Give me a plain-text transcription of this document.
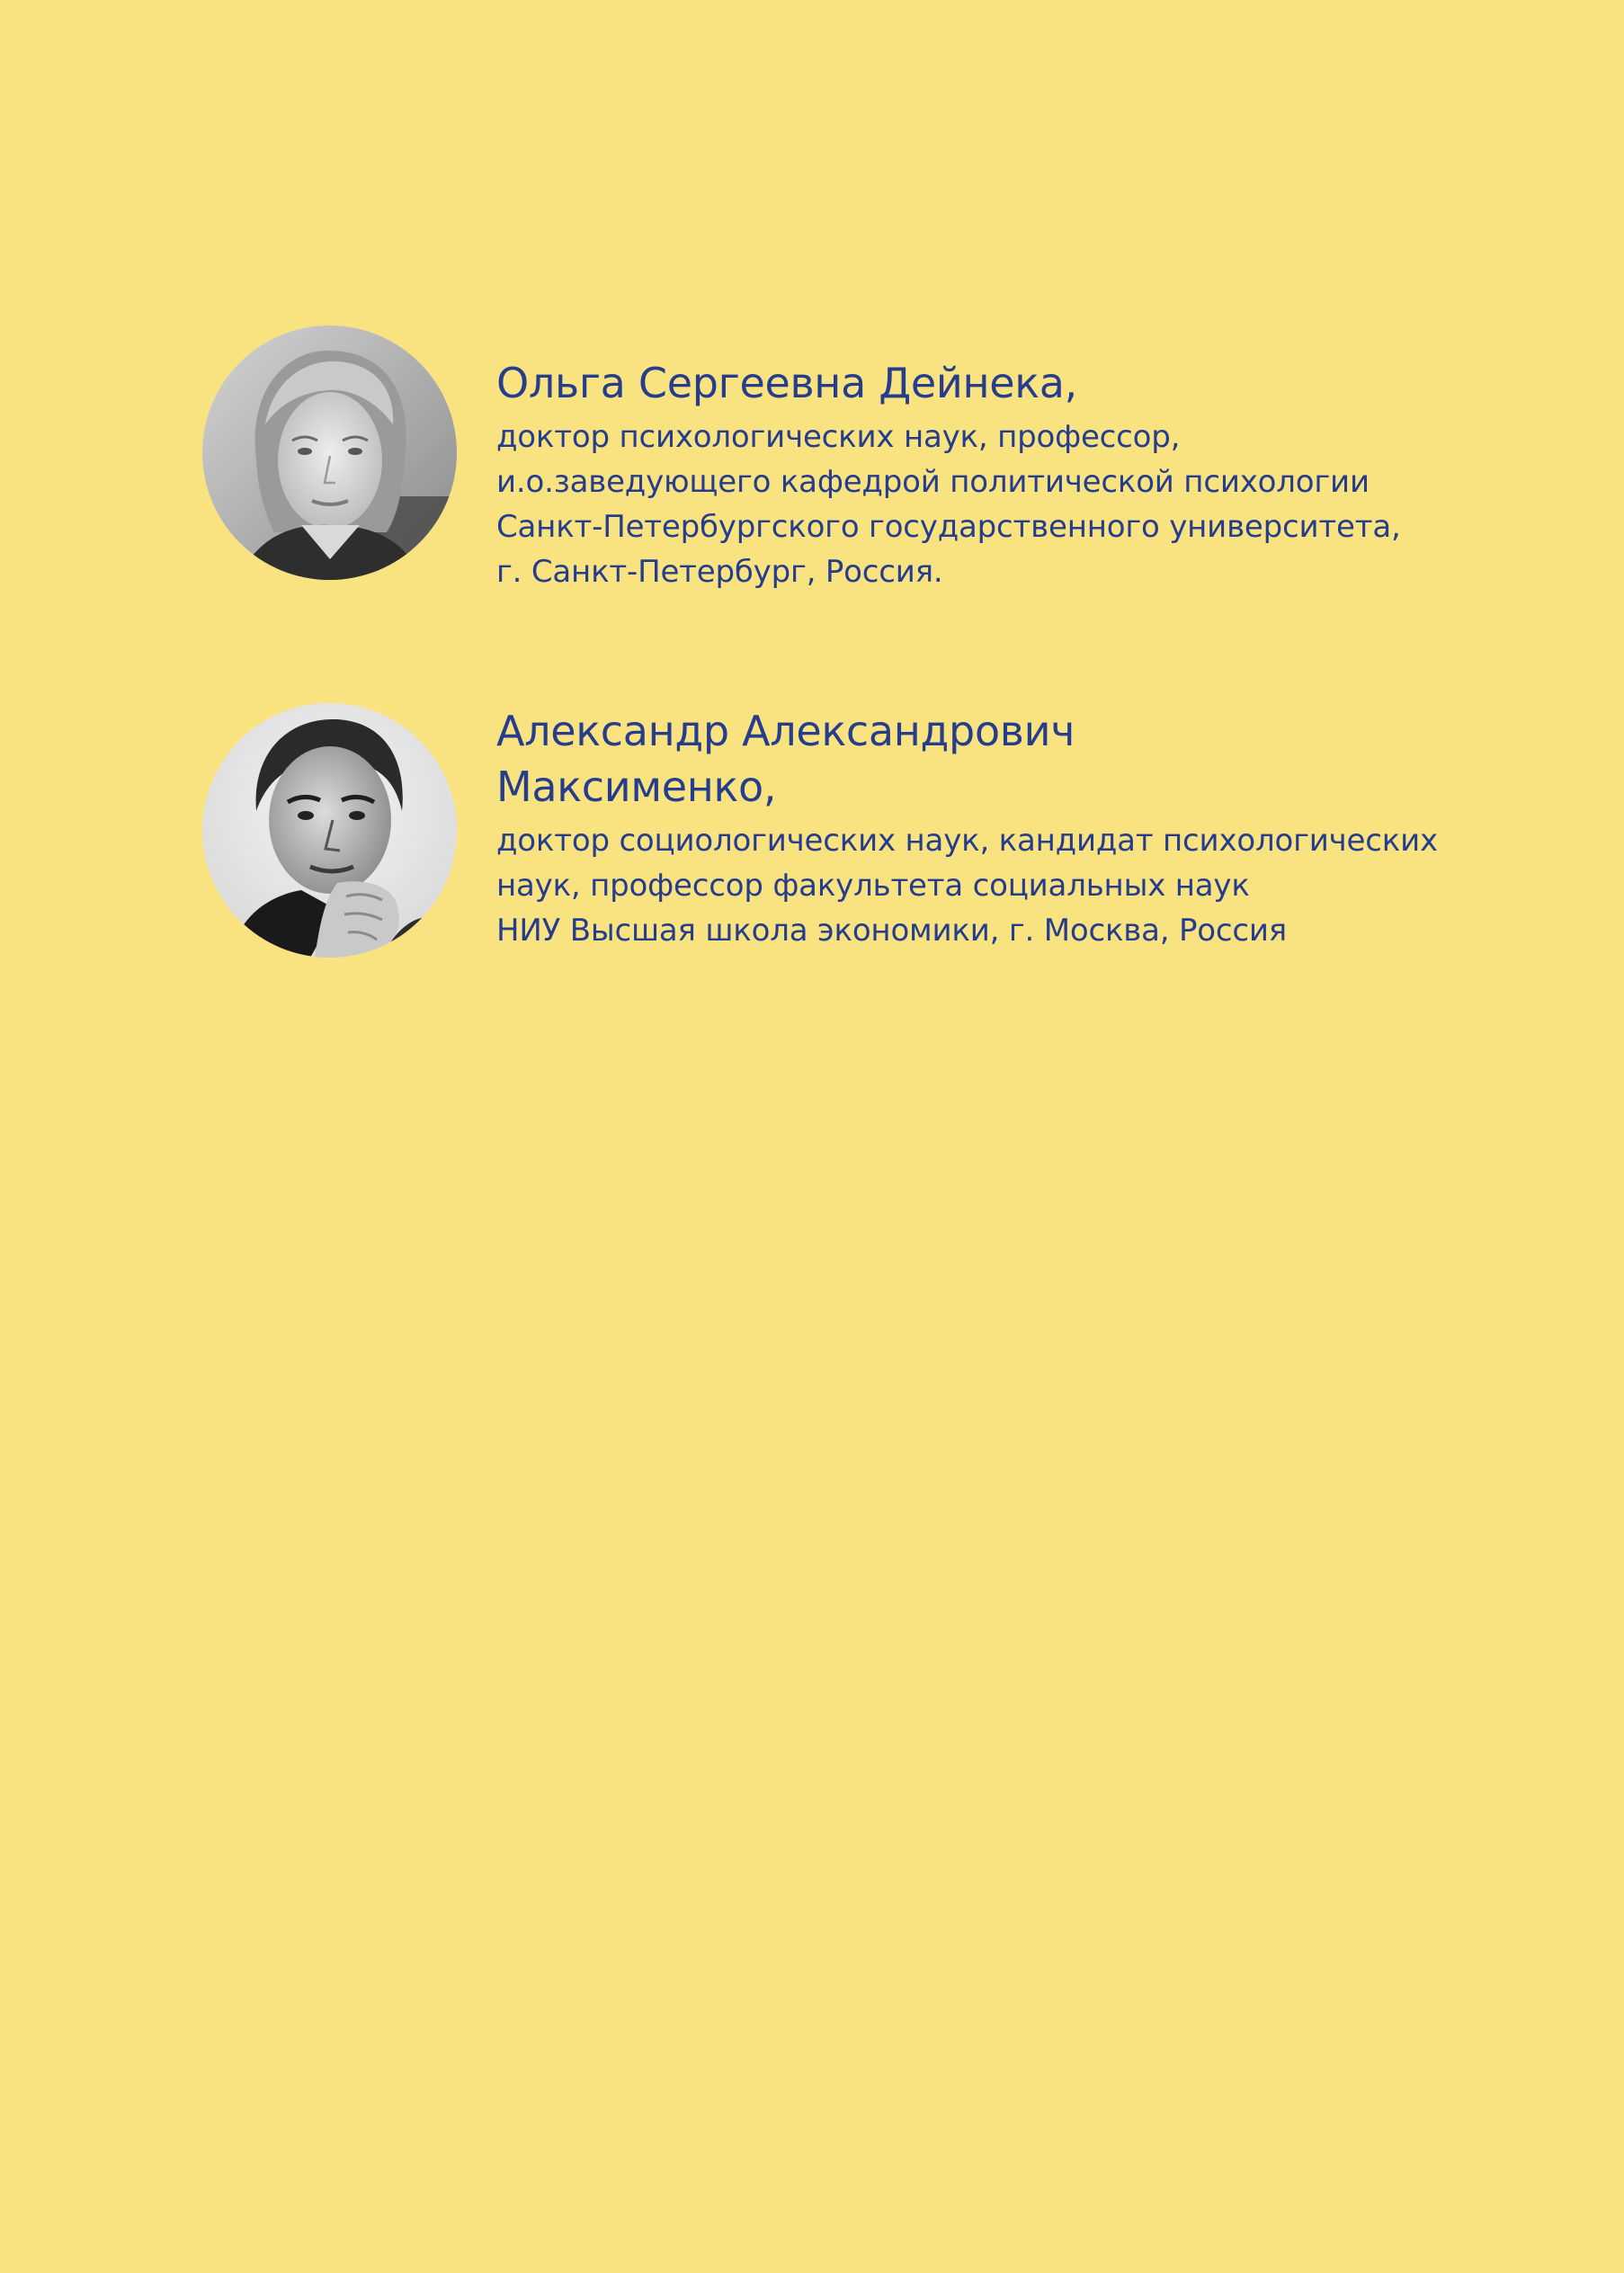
Ольга Сергеевна Дейнека,

доктор психологических наук, профессор,
и.о.заведующего кафедрой политической психологии
Санкт-Петербургского государственного университета,
г. Санкт-Петербург, Россия.

Александр Александрович
Максименко,

доктор социологических наук, кандидат психологических
наук, профессор факультета социальных наук
НИУ Высшая школа экономики, г. Москва, Россия
